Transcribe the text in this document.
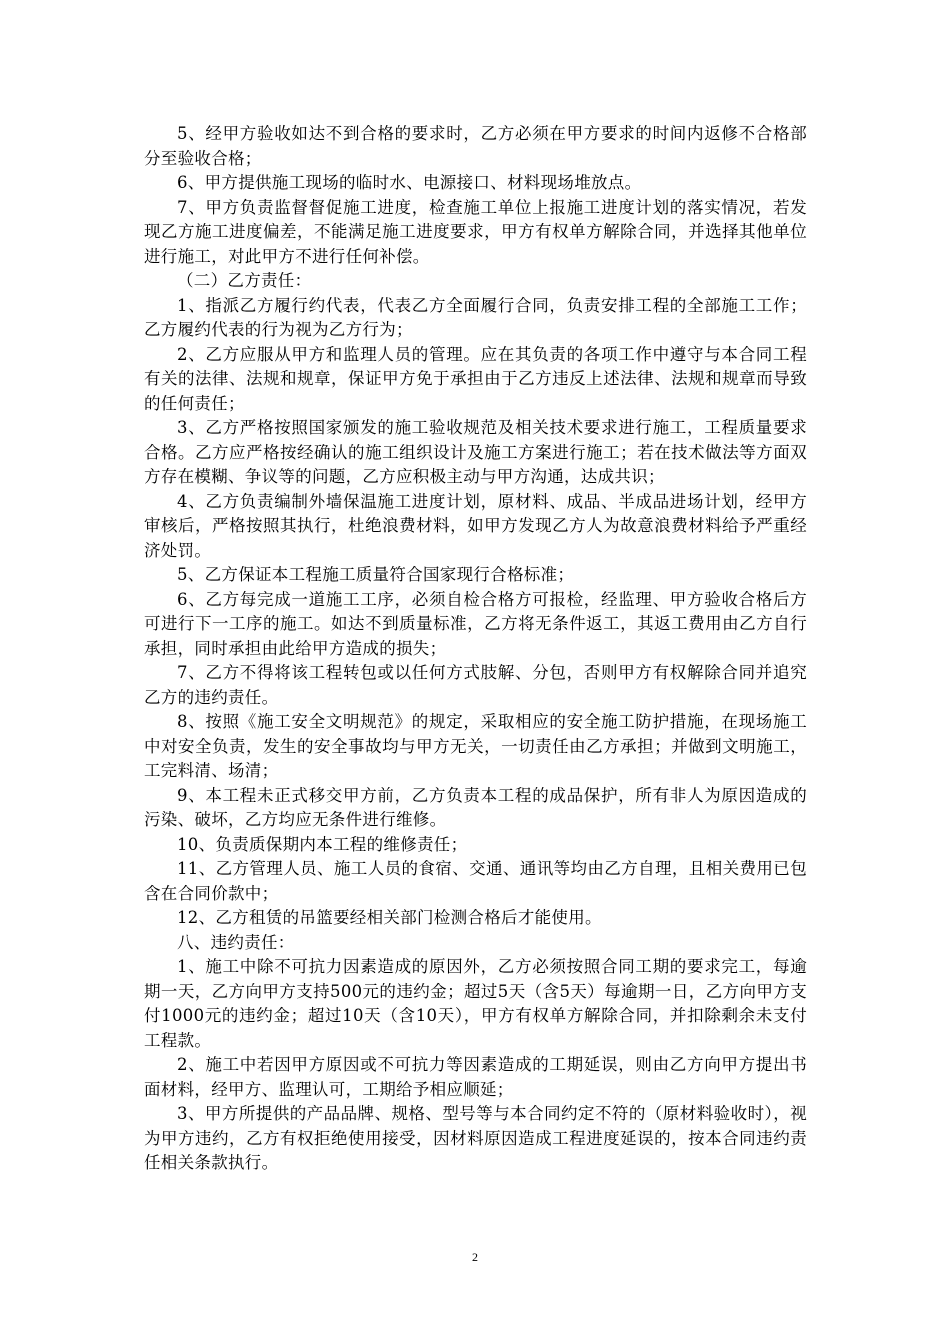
5、经甲方验收如达不到合格的要求时，乙方必须在甲方要求的时间内返修不合格部分至验收合格；

6、甲方提供施工现场的临时水、电源接口、材料现场堆放点。

7、甲方负责监督督促施工进度，检查施工单位上报施工进度计划的落实情况，若发现乙方施工进度偏差，不能满足施工进度要求，甲方有权单方解除合同，并选择其他单位进行施工，对此甲方不进行任何补偿。

（二）乙方责任：

1、指派乙方履行约代表，代表乙方全面履行合同，负责安排工程的全部施工工作；乙方履约代表的行为视为乙方行为；

2、乙方应服从甲方和监理人员的管理。应在其负责的各项工作中遵守与本合同工程有关的法律、法规和规章，保证甲方免于承担由于乙方违反上述法律、法规和规章而导致的任何责任；

3、乙方严格按照国家颁发的施工验收规范及相关技术要求进行施工，工程质量要求合格。乙方应严格按经确认的施工组织设计及施工方案进行施工；若在技术做法等方面双方存在模糊、争议等的问题，乙方应积极主动与甲方沟通，达成共识；

4、乙方负责编制外墙保温施工进度计划，原材料、成品、半成品进场计划，经甲方审核后，严格按照其执行，杜绝浪费材料，如甲方发现乙方人为故意浪费材料给予严重经济处罚。

5、乙方保证本工程施工质量符合国家现行合格标准；

6、乙方每完成一道施工工序，必须自检合格方可报检，经监理、甲方验收合格后方可进行下一工序的施工。如达不到质量标准，乙方将无条件返工，其返工费用由乙方自行承担，同时承担由此给甲方造成的损失；

7、乙方不得将该工程转包或以任何方式肢解、分包，否则甲方有权解除合同并追究乙方的违约责任。

8、按照《施工安全文明规范》的规定，采取相应的安全施工防护措施，在现场施工中对安全负责，发生的安全事故均与甲方无关，一切责任由乙方承担；并做到文明施工，工完料清、场清；

9、本工程未正式移交甲方前，乙方负责本工程的成品保护，所有非人为原因造成的污染、破坏，乙方均应无条件进行维修。

10、负责质保期内本工程的维修责任；

11、乙方管理人员、施工人员的食宿、交通、通讯等均由乙方自理，且相关费用已包含在合同价款中；

12、乙方租赁的吊篮要经相关部门检测合格后才能使用。

八、违约责任：

1、施工中除不可抗力因素造成的原因外，乙方必须按照合同工期的要求完工，每逾期一天，乙方向甲方支持500元的违约金；超过5天（含5天）每逾期一日，乙方向甲方支付1000元的违约金；超过10天（含10天），甲方有权单方解除合同，并扣除剩余未支付工程款。

2、施工中若因甲方原因或不可抗力等因素造成的工期延误，则由乙方向甲方提出书面材料，经甲方、监理认可，工期给予相应顺延；

3、甲方所提供的产品品牌、规格、型号等与本合同约定不符的（原材料验收时），视为甲方违约，乙方有权拒绝使用接受，因材料原因造成工程进度延误的，按本合同违约责任相关条款执行。

2
